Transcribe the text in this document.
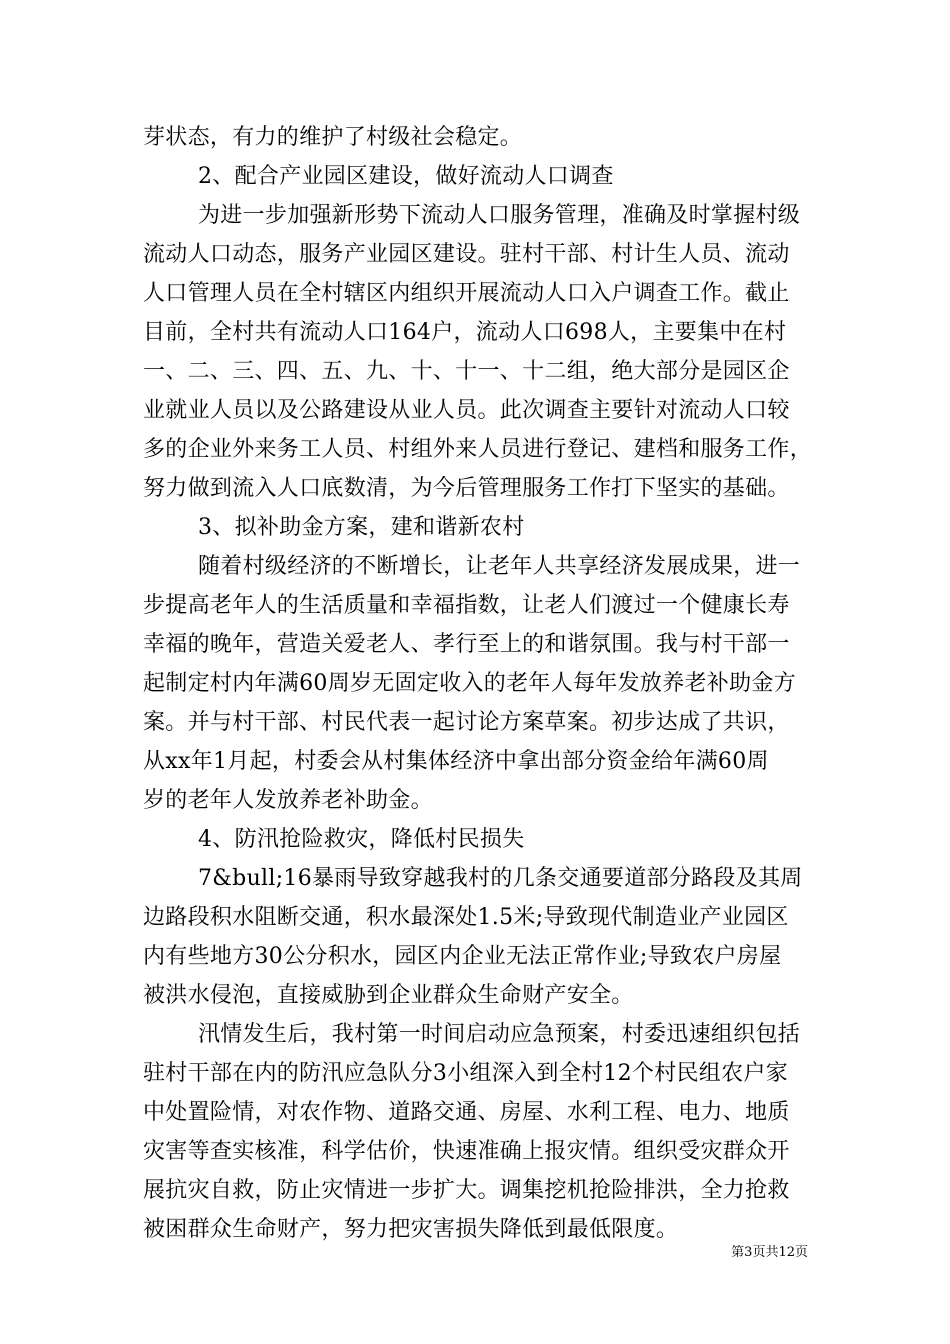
芽状态，有力的维护了村级社会稳定。
2、配合产业园区建设，做好流动人口调查
为进一步加强新形势下流动人口服务管理，准确及时掌握村级
流动人口动态，服务产业园区建设。驻村干部、村计生人员、流动
人口管理人员在全村辖区内组织开展流动人口入户调查工作。截止
目前，全村共有流动人口164户，流动人口698人，主要集中在村
一、二、三、四、五、九、十、十一、十二组，绝大部分是园区企
业就业人员以及公路建设从业人员。此次调查主要针对流动人口较
多的企业外来务工人员、村组外来人员进行登记、建档和服务工作，
努力做到流入人口底数清，为今后管理服务工作打下坚实的基础。
3、拟补助金方案，建和谐新农村
随着村级经济的不断增长，让老年人共享经济发展成果，进一
步提高老年人的生活质量和幸福指数，让老人们渡过一个健康长寿
幸福的晚年，营造关爱老人、孝行至上的和谐氛围。我与村干部一
起制定村内年满60周岁无固定收入的老年人每年发放养老补助金方
案。并与村干部、村民代表一起讨论方案草案。初步达成了共识，
从xx年1月起，村委会从村集体经济中拿出部分资金给年满60周
岁的老年人发放养老补助金。
4、防汛抢险救灾，降低村民损失
7&bull;16暴雨导致穿越我村的几条交通要道部分路段及其周
边路段积水阻断交通，积水最深处1.5米;导致现代制造业产业园区
内有些地方30公分积水，园区内企业无法正常作业;导致农户房屋
被洪水侵泡，直接威胁到企业群众生命财产安全。
汛情发生后，我村第一时间启动应急预案，村委迅速组织包括
驻村干部在内的防汛应急队分3小组深入到全村12个村民组农户家
中处置险情，对农作物、道路交通、房屋、水利工程、电力、地质
灾害等查实核准，科学估价，快速准确上报灾情。组织受灾群众开
展抗灾自救，防止灾情进一步扩大。调集挖机抢险排洪，全力抢救
被困群众生命财产，努力把灾害损失降低到最低限度。
第3页共12页
